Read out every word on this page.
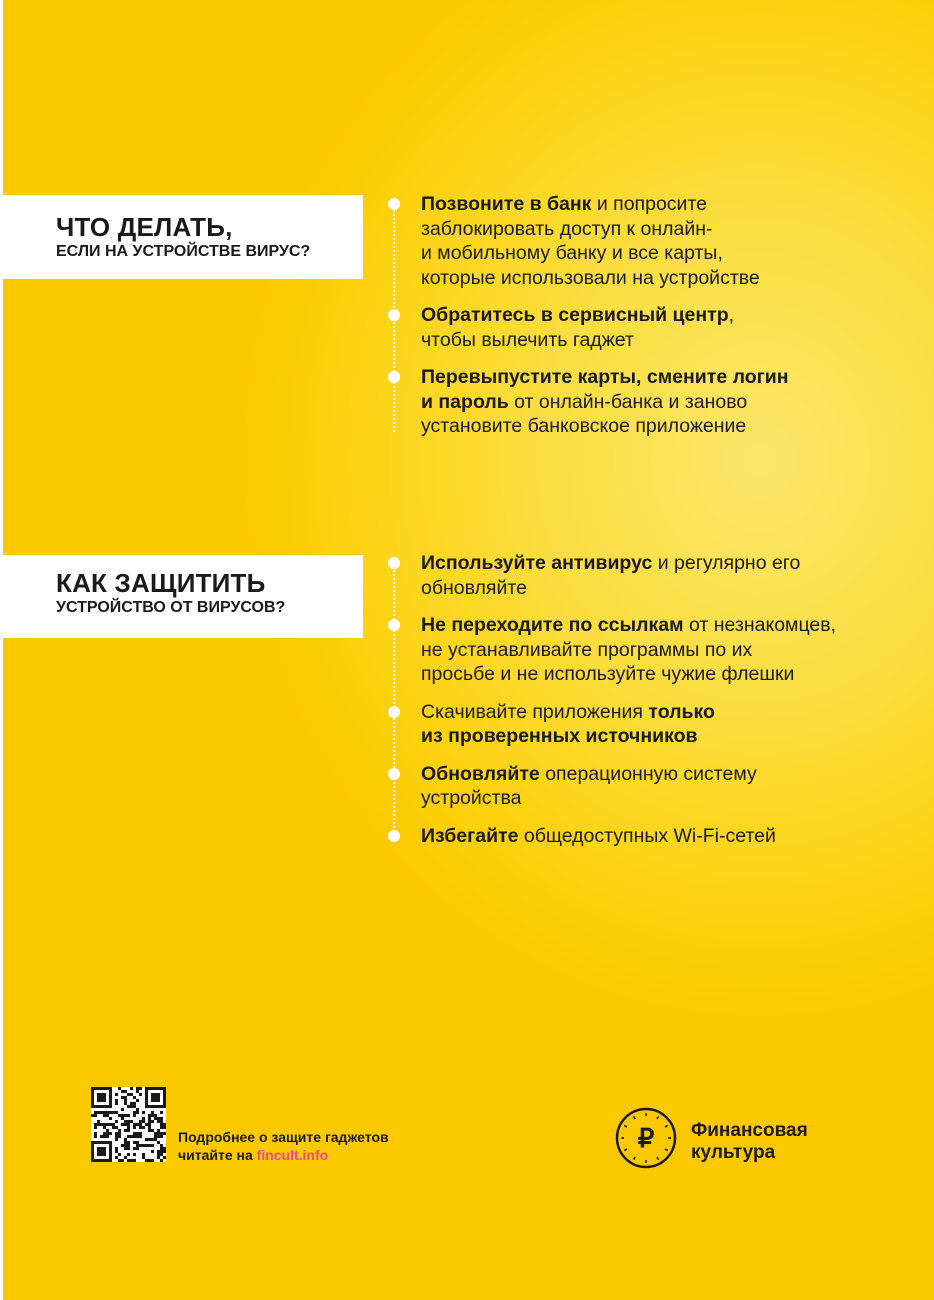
ЧТО ДЕЛАТЬ,
ЕСЛИ НА УСТРОЙСТВЕ ВИРУС?
Позвоните в банк и попросите
заблокировать доступ к онлайн-
и мобильному банку и все карты,
которые использовали на устройстве
Обратитесь в сервисный центр,
чтобы вылечить гаджет
Перевыпустите карты, смените логин
и пароль от онлайн-банка и заново
установите банковское приложение
КАК ЗАЩИТИТЬ
УСТРОЙСТВО ОТ ВИРУСОВ?
Используйте антивирус и регулярно его
обновляйте
Не переходите по ссылкам от незнакомцев,
не устанавливайте программы по их
просьбе и не используйте чужие флешки
Скачивайте приложения только
из проверенных источников
Обновляйте операционную систему
устройства
Избегайте общедоступных Wi-Fi-сетей
Подробнее о защите гаджетов
читайте на fincult.info
₽ Финансовая
культура
